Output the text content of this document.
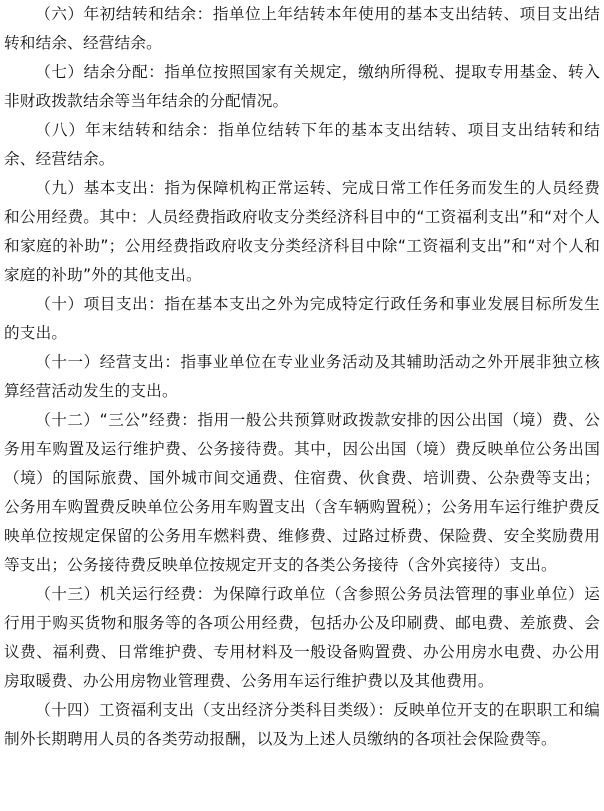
（六）年初结转和结余：指单位上年结转本年使用的基本支出结转、项目支出结转和结余、经营结余。

（七）结余分配：指单位按照国家有关规定，缴纳所得税、提取专用基金、转入非财政拨款结余等当年结余的分配情况。

（八）年末结转和结余：指单位结转下年的基本支出结转、项目支出结转和结余、经营结余。

（九）基本支出：指为保障机构正常运转、完成日常工作任务而发生的人员经费和公用经费。其中：人员经费指政府收支分类经济科目中的“工资福利支出”和“对个人和家庭的补助”；公用经费指政府收支分类经济科目中除“工资福利支出”和“对个人和家庭的补助”外的其他支出。

（十）项目支出：指在基本支出之外为完成特定行政任务和事业发展目标所发生的支出。

（十一）经营支出：指事业单位在专业业务活动及其辅助活动之外开展非独立核算经营活动发生的支出。

（十二）“三公”经费：指用一般公共预算财政拨款安排的因公出国（境）费、公务用车购置及运行维护费、公务接待费。其中，因公出国（境）费反映单位公务出国（境）的国际旅费、国外城市间交通费、住宿费、伙食费、培训费、公杂费等支出；公务用车购置费反映单位公务用车购置支出（含车辆购置税）；公务用车运行维护费反映单位按规定保留的公务用车燃料费、维修费、过路过桥费、保险费、安全奖励费用等支出；公务接待费反映单位按规定开支的各类公务接待（含外宾接待）支出。

（十三）机关运行经费：为保障行政单位（含参照公务员法管理的事业单位）运行用于购买货物和服务等的各项公用经费，包括办公及印刷费、邮电费、差旅费、会议费、福利费、日常维护费、专用材料及一般设备购置费、办公用房水电费、办公用房取暖费、办公用房物业管理费、公务用车运行维护费以及其他费用。

（十四）工资福利支出（支出经济分类科目类级）：反映单位开支的在职职工和编制外长期聘用人员的各类劳动报酬，以及为上述人员缴纳的各项社会保险费等。
